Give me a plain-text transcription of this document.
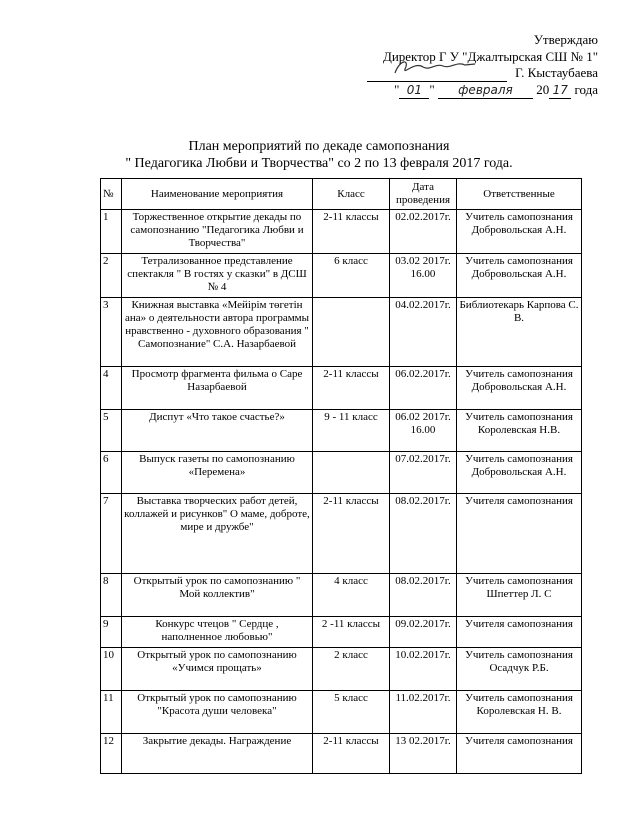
Утверждаю
Директор Г У "Джалтырская СШ № 1"
Г. Кыстаубаева
" 01 " февраля 20 17 года
План мероприятий по декаде самопознания
" Педагогика Любви и Творчества" со 2 по 13 февраля 2017 года.
№	Наименование мероприятия	Класс	Дата проведения	Ответственные
1	Торжественное открытие декады по самопознанию "Педагогика Любви и Творчества"	2-11 классы	02.02.2017г.	Учитель самопознания Добровольская А.Н.
2	Тетрализованное представление спектакля " В гостях у сказки" в ДСШ № 4	6 класс	03.02 2017г. 16.00	Учитель самопознания Добровольская А.Н.
3	Книжная выставка «Мейірім төгетін ана» о деятельности автора программы нравственно - духовного образования " Самопознание" С.А. Назарбаевой		04.02.2017г.	Библиотекарь Карпова С. В.
4	Просмотр фрагмента фильма о Саре Назарбаевой	2-11 классы	06.02.2017г.	Учитель самопознания Добровольская А.Н.
5	Диспут «Что такое счастье?»	9 - 11 класс	06.02 2017г. 16.00	Учитель самопознания Королевская Н.В.
6	Выпуск газеты по самопознанию «Перемена»		07.02.2017г.	Учитель самопознания Добровольская А.Н.
7	Выставка творческих работ детей, коллажей и рисунков" О маме, доброте, мире и дружбе"	2-11 классы	08.02.2017г.	Учителя самопознания
8	Открытый урок по самопознанию " Мой коллектив"	4 класс	08.02.2017г.	Учитель самопознания Шпеттер Л. С
9	Конкурс чтецов " Сердце , наполненное любовью"	2 -11 классы	09.02.2017г.	Учителя самопознания
10	Открытый урок по самопознанию «Учимся прощать»	2 класс	10.02.2017г.	Учитель самопознания Осадчук Р.Б.
11	Открытый урок по самопознанию "Красота души человека"	5 класс	11.02.2017г.	Учитель самопознания Королевская Н. В.
12	Закрытие декады. Награждение	2-11 классы	13 02.2017г.	Учителя самопознания
